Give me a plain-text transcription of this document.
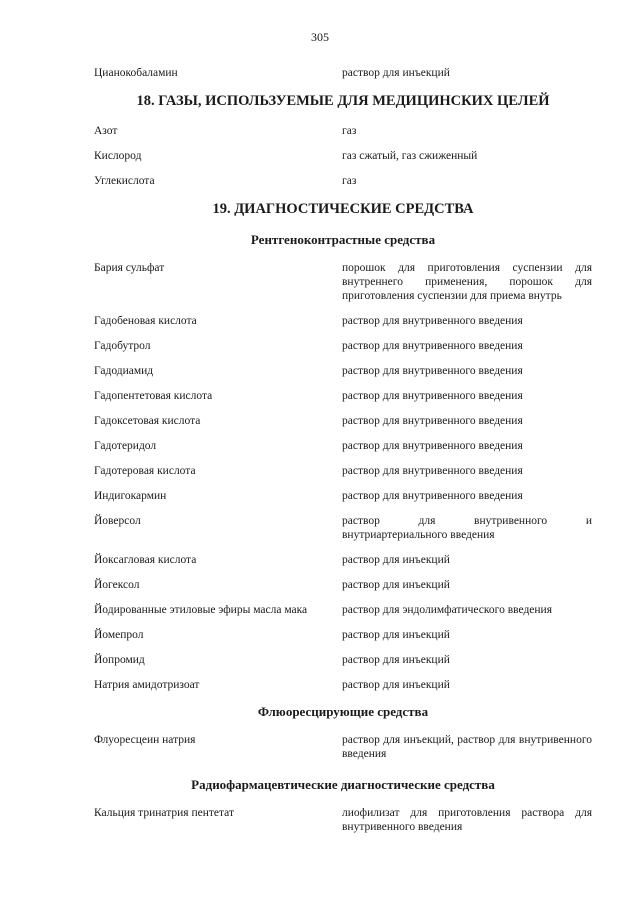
305
Цианокобаламин	раствор для инъекций
18. ГАЗЫ, ИСПОЛЬЗУЕМЫЕ ДЛЯ МЕДИЦИНСКИХ ЦЕЛЕЙ
Азот	газ
Кислород	газ сжатый, газ сжиженный
Углекислота	газ
19. ДИАГНОСТИЧЕСКИЕ СРЕДСТВА
Рентгеноконтрастные средства
Бария сульфат	порошок для приготовления суспензии для внутреннего применения, порошок для приготовления суспензии для приема внутрь
Гадобеновая кислота	раствор для внутривенного введения
Гадобутрол	раствор для внутривенного введения
Гадодиамид	раствор для внутривенного введения
Гадопентетовая кислота	раствор для внутривенного введения
Гадоксетовая кислота	раствор для внутривенного введения
Гадотеридол	раствор для внутривенного введения
Гадотеровая кислота	раствор для внутривенного введения
Индигокармин	раствор для внутривенного введения
Йоверсол	раствор для внутривенного и внутриартериального введения
Йоксагловая кислота	раствор для инъекций
Йогексол	раствор для инъекций
Йодированные этиловые эфиры масла мака	раствор для эндолимфатического введения
Йомепрол	раствор для инъекций
Йопромид	раствор для инъекций
Натрия амидотризоат	раствор для инъекций
Флюоресцирующие средства
Флуоресцеин натрия	раствор для инъекций, раствор для внутривенного введения
Радиофармацевтические диагностические средства
Кальция тринатрия пентетат	лиофилизат для приготовления раствора для внутривенного введения
